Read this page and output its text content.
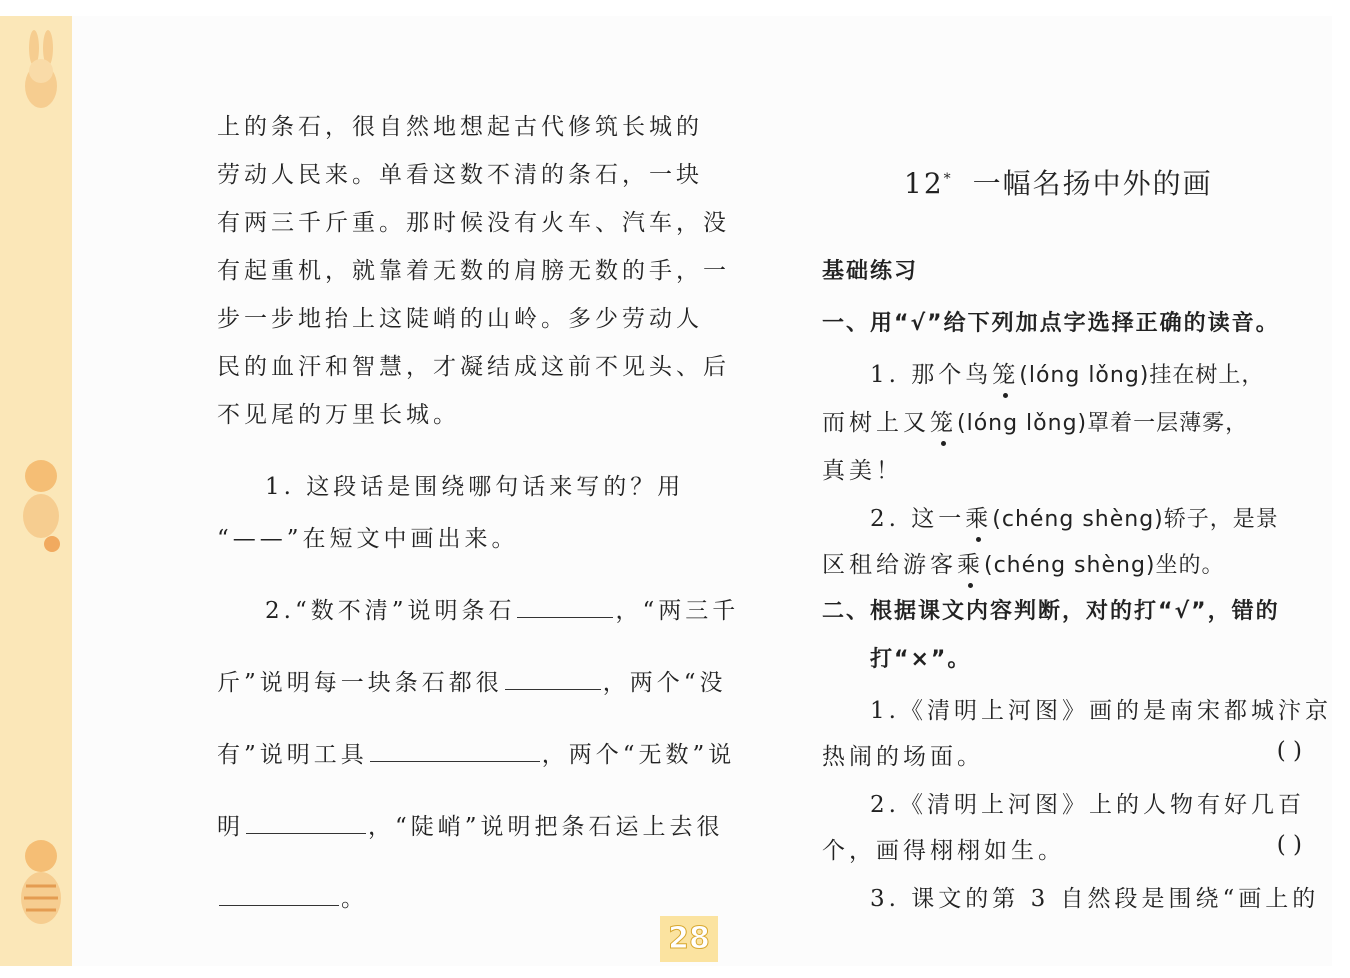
上的条石，很自然地想起古代修筑长城的
劳动人民来。单看这数不清的条石，一块
有两三千斤重。那时候没有火车、汽车，没
有起重机，就靠着无数的肩膀无数的手，一
步一步地抬上这陡峭的山岭。多少劳动人
民的血汗和智慧，才凝结成这前不见头、后
不见尾的万里长城。
1. 这段话是围绕哪句话来写的？用
“——”在短文中画出来。
2.“数不清”说明条石	，“两三千
斤”说明每一块条石都很	，两个“没
有”说明工具	，两个“无数”说
明	，“陡峭”说明把条石运上去很
。
12* 一幅名扬中外的画
基础练习
一、用“√”给下列加点字选择正确的读音。
1. 那个鸟笼(lóng lǒng)挂在树上，
而树上又笼(lóng lǒng)罩着一层薄雾，
真美！
2. 这一乘(chéng shèng)轿子，是景
区租给游客乘(chéng shèng)坐的。
二、根据课文内容判断，对的打“√”，错的
打“×”。
1.《清明上河图》画的是南宋都城汴京
热闹的场面。	( )
2.《清明上河图》上的人物有好几百
个，画得栩栩如生。	( )
3. 课文的第 3 自然段是围绕“画上的
28
